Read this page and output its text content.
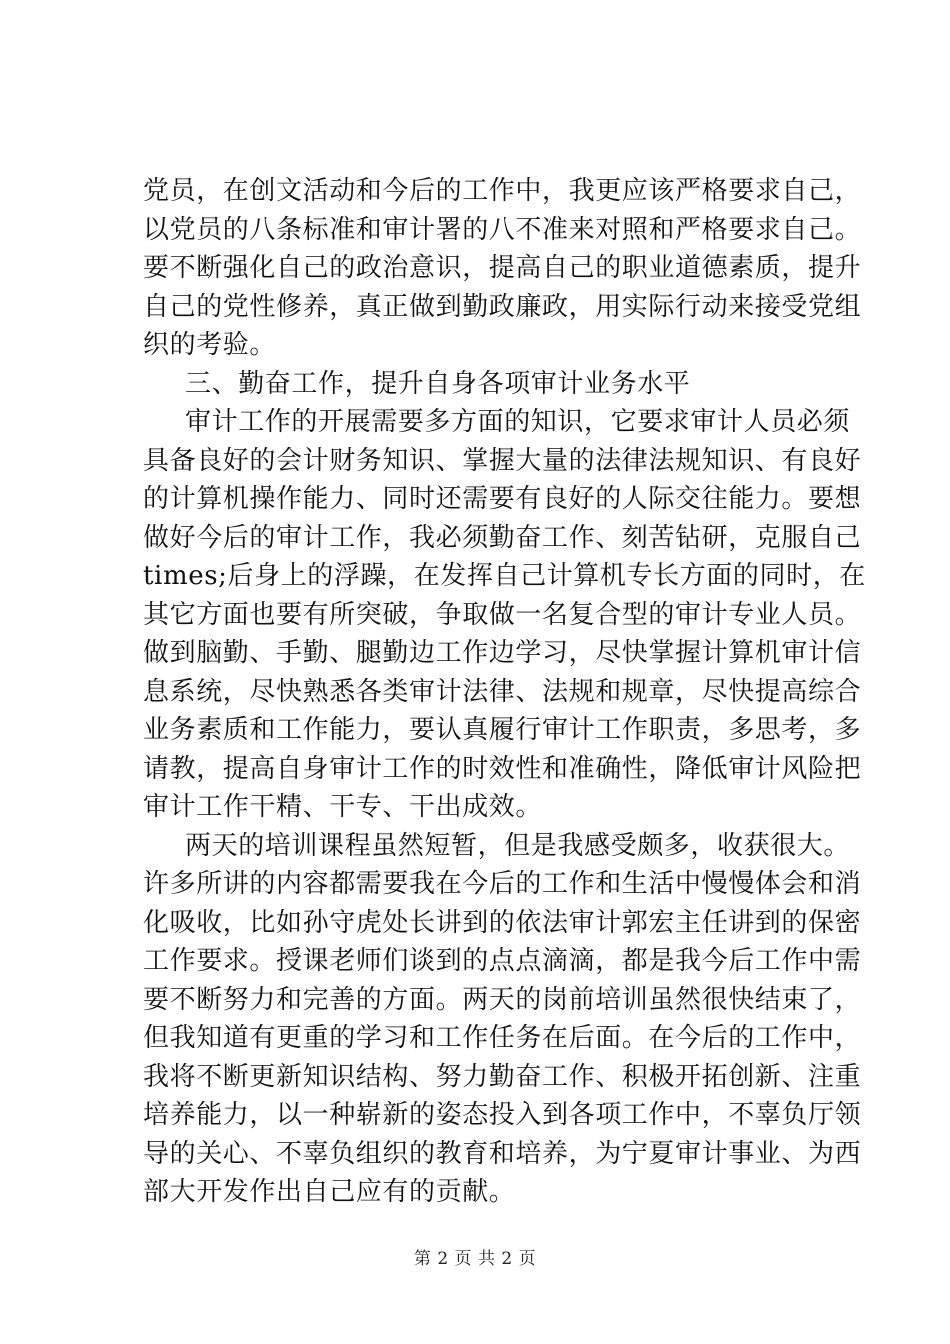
党员，在创文活动和今后的工作中，我更应该严格要求自己，
以党员的八条标准和审计署的八不准来对照和严格要求自己。
要不断强化自己的政治意识，提高自己的职业道德素质，提升
自己的党性修养，真正做到勤政廉政，用实际行动来接受党组
织的考验。
三、勤奋工作，提升自身各项审计业务水平
审计工作的开展需要多方面的知识，它要求审计人员必须
具备良好的会计财务知识、掌握大量的法律法规知识、有良好
的计算机操作能力、同时还需要有良好的人际交往能力。要想
做好今后的审计工作，我必须勤奋工作、刻苦钻研，克服自己
times;后身上的浮躁，在发挥自己计算机专长方面的同时，在
其它方面也要有所突破，争取做一名复合型的审计专业人员。
做到脑勤、手勤、腿勤边工作边学习，尽快掌握计算机审计信
息系统，尽快熟悉各类审计法律、法规和规章，尽快提高综合
业务素质和工作能力，要认真履行审计工作职责，多思考，多
请教，提高自身审计工作的时效性和准确性，降低审计风险把
审计工作干精、干专、干出成效。
两天的培训课程虽然短暂，但是我感受颇多，收获很大。
许多所讲的内容都需要我在今后的工作和生活中慢慢体会和消
化吸收，比如孙守虎处长讲到的依法审计郭宏主任讲到的保密
工作要求。授课老师们谈到的点点滴滴，都是我今后工作中需
要不断努力和完善的方面。两天的岗前培训虽然很快结束了，
但我知道有更重的学习和工作任务在后面。在今后的工作中，
我将不断更新知识结构、努力勤奋工作、积极开拓创新、注重
培养能力，以一种崭新的姿态投入到各项工作中，不辜负厅领
导的关心、不辜负组织的教育和培养，为宁夏审计事业、为西
部大开发作出自己应有的贡献。
第 2 页 共 2 页
